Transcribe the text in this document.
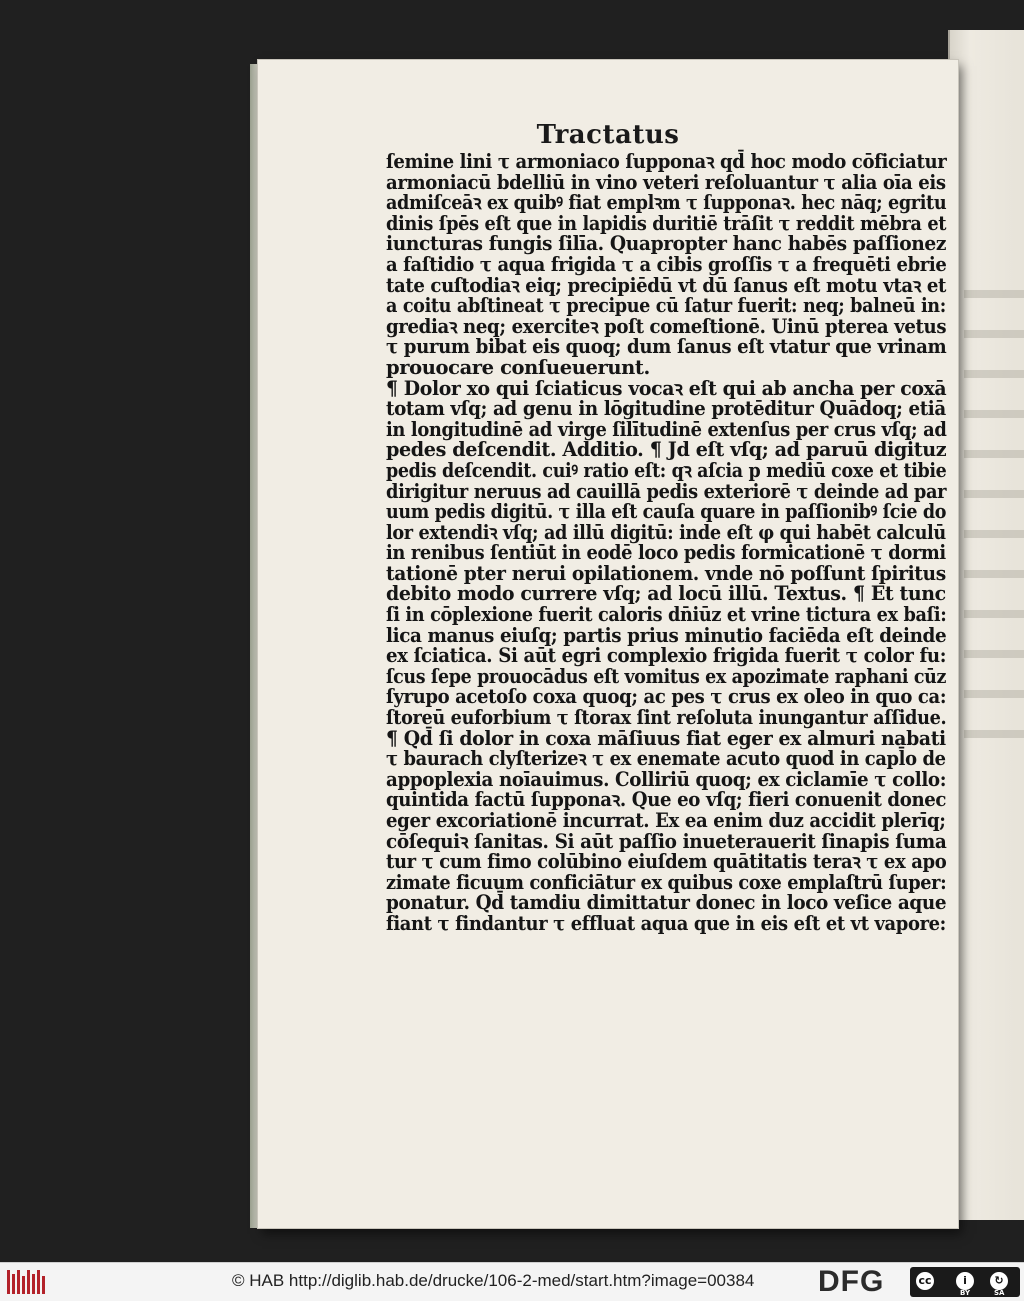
Tractatus
ſemine lini τ armoniaco ſupponaꝛ qd̄ hoc modo cōficiatur
armoniacū bdelliū in vino veteri reſoluantur τ alia oīa eis
admiſceāꝛ ex quibꝰ fiat emplꝛm τ ſupponaꝛ. hec nāq; egritu
dinis ſpēs eſt que in lapidis duritiē trāſit τ reddit mēbra et
iuncturas fungis ſilīa. Quapropter hanc habēs paſſionez
a faſtidio τ aqua frigida τ a cibis groſſis τ a frequēti ebrie
tate cuſtodiaꝛ eiq; precipiēdū vt dū ſanus eſt motu vtaꝛ et
a coitu abſtineat τ precipue cū ſatur fuerit: neq; balneū in:
grediaꝛ neq; exerciteꝛ poſt comeſtionē. Uinū pterea vetus
τ purum bibat eis quoq; dum ſanus eſt vtatur que vrinam
prouocare conſueuerunt.
¶ Dolor xo qui ſciaticus vocaꝛ eſt qui ab ancha per coxā
totam vſq; ad genu in lōgitudine protēditur Quādoq; etiā
in longitudinē ad virge ſilītudinē extenſus per crus vſq; ad
pedes deſcendit. Additio. ¶ Jd eſt vſq; ad paruū digituz
pedis deſcendit. cuiꝰ ratio eſt: qꝛ aſcia p mediū coxe et tibie
dirigitur neruus ad cauillā pedis exteriorē τ deinde ad par
uum pedis digitū. τ illa eſt cauſa quare in paſſionibꝰ ſcie do
lor extendiꝛ vſq; ad illū digitū: inde eſt φ qui habēt calculū
in renibus ſentiūt in eodē loco pedis formicationē τ dormi
tationē pter nerui opilationem. vnde nō poſſunt ſpiritus
debito modo currere vſq; ad locū illū. Textus. ¶ Et tunc
ſi in cōplexione fuerit caloris dn̄iūz et vrine tictura ex baſi:
lica manus eiuſq; partis prius minutio faciēda eſt deinde
ex ſciatica. Si aūt egri complexio frigida fuerit τ color fu:
ſcus ſepe prouocādus eſt vomitus ex apozimate raphani cūz
ſyrupo acetoſo coxa quoq; ac pes τ crus ex oleo in quo ca:
ſtoreū euforbium τ ſtorax ſint reſoluta inungantur aſſidue.
¶ Qd̄ ſi dolor in coxa māſiuus fiat eger ex almuri nabati
τ baurach clyſterizeꝛ τ ex enemate acuto quod in capl̄o de
appoplexia noīauimus. Colliriū quoq; ex ciclamīe τ collo:
quintida factū ſupponaꝛ. Que eo vſq; fieri conuenit donec
eger excoriationē incurrat. Ex ea enim duz accidit plerīq;
cōſequiꝛ ſanitas. Si aūt paſſio inueterauerit ſinapis ſuma
tur τ cum fimo colūbino eiuſdem quātitatis teraꝛ τ ex apo
zimate ficuum conficiātur ex quibus coxe emplaſtrū ſuper:
ponatur. Qd̄ tamdiu dimittatur donec in loco veſice aque
fiant τ findantur τ effluat aqua que in eis eſt et vt vapore:
© HAB http://diglib.hab.de/drucke/106-2-med/start.htm?image=00384 DFG	cc	i	↻
BY	SA
